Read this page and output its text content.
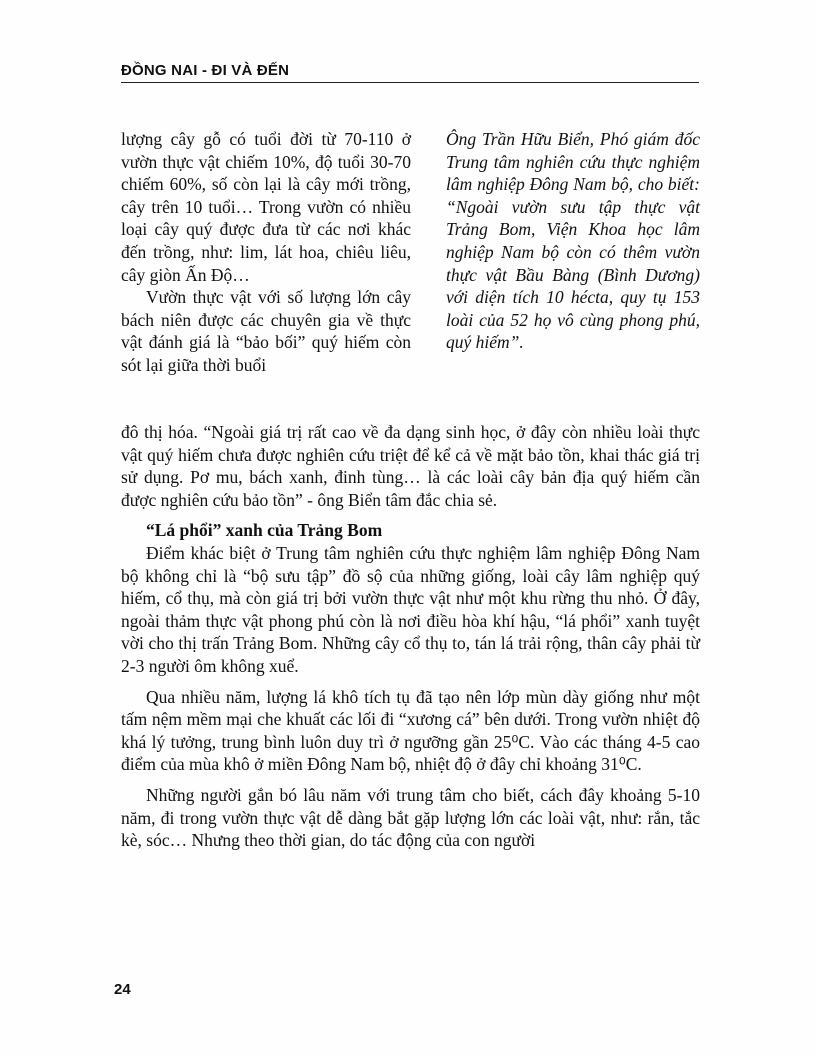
ĐỒNG NAI - ĐI VÀ ĐẾN

lượng cây gỗ có tuổi đời từ 70-110 ở vườn thực vật chiếm 10%, độ tuổi 30-70 chiếm 60%, số còn lại là cây mới trồng, cây trên 10 tuổi… Trong vườn có nhiều loại cây quý được đưa từ các nơi khác đến trồng, như: lim, lát hoa, chiêu liêu, cây giòn Ấn Độ…

Vườn thực vật với số lượng lớn cây bách niên được các chuyên gia về thực vật đánh giá là “bảo bối” quý hiếm còn sót lại giữa thời buổi

Ông Trần Hữu Biển, Phó giám đốc Trung tâm nghiên cứu thực nghiệm lâm nghiệp Đông Nam bộ, cho biết: “Ngoài vườn sưu tập thực vật Trảng Bom, Viện Khoa học lâm nghiệp Nam bộ còn có thêm vườn thực vật Bầu Bàng (Bình Dương) với diện tích 10 hécta, quy tụ 153 loài của 52 họ vô cùng phong phú, quý hiếm”.

đô thị hóa. “Ngoài giá trị rất cao về đa dạng sinh học, ở đây còn nhiều loài thực vật quý hiếm chưa được nghiên cứu triệt để kể cả về mặt bảo tồn, khai thác giá trị sử dụng. Pơ mu, bách xanh, đinh tùng… là các loài cây bản địa quý hiếm cần được nghiên cứu bảo tồn” - ông Biển tâm đắc chia sẻ.

“Lá phổi” xanh của Trảng Bom

Điểm khác biệt ở Trung tâm nghiên cứu thực nghiệm lâm nghiệp Đông Nam bộ không chỉ là “bộ sưu tập” đồ sộ của những giống, loài cây lâm nghiệp quý hiếm, cổ thụ, mà còn giá trị bởi vườn thực vật như một khu rừng thu nhỏ. Ở đây, ngoài thảm thực vật phong phú còn là nơi điều hòa khí hậu, “lá phổi” xanh tuyệt vời cho thị trấn Trảng Bom. Những cây cổ thụ to, tán lá trải rộng, thân cây phải từ 2-3 người ôm không xuể.

Qua nhiều năm, lượng lá khô tích tụ đã tạo nên lớp mùn dày giống như một tấm nệm mềm mại che khuất các lối đi “xương cá” bên dưới. Trong vườn nhiệt độ khá lý tưởng, trung bình luôn duy trì ở ngưỡng gần 25⁰C. Vào các tháng 4-5 cao điểm của mùa khô ở miền Đông Nam bộ, nhiệt độ ở đây chỉ khoảng 31⁰C.

Những người gắn bó lâu năm với trung tâm cho biết, cách đây khoảng 5-10 năm, đi trong vườn thực vật dễ dàng bắt gặp lượng lớn các loài vật, như: rắn, tắc kè, sóc… Nhưng theo thời gian, do tác động của con người

24
